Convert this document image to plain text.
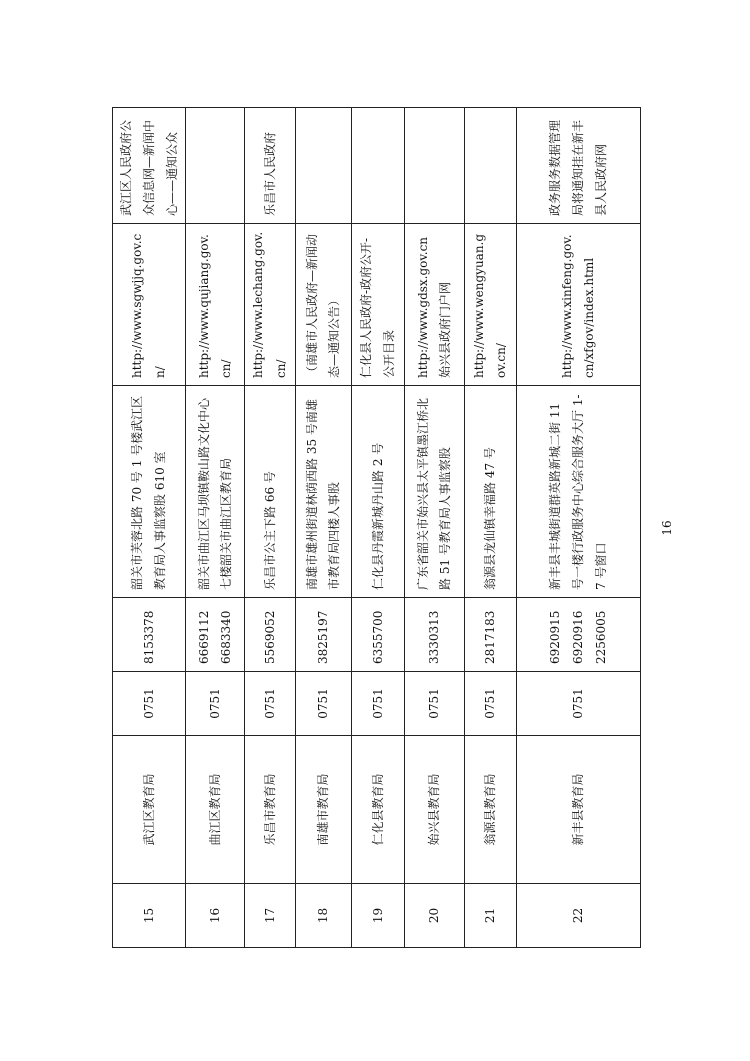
15	武江区教育局	0751	8153378	韶关市芙蓉北路 70 号 1 号楼武江区教育局人事监察股 610 室	http://www.sgwjjq.gov.cn/	武江区人民政府公众信息网—新闻中心——通知公众
16	曲江区教育局	0751	6669112 6683340	韶关市曲江区马坝镇鞍山路文化中心七楼韶关市曲江区教育局	http://www.qujiang.gov.cn/	

17	乐昌市教育局	0751	5569052	乐昌市公主下路 66 号	http://www.lechang.gov.cn/	乐昌市人民政府
18	南雄市教育局	0751	3825197	南雄市雄州街道林荫西路 35 号南雄市教育局四楼人事股	（南雄市人民政府—新闻动态—通知公告）	

19	仁化县教育局	0751	6355700	仁化县丹霞新城丹山路 2 号	仁化县人民政府-政府公开-公开目录	

20	始兴县教育局	0751	3330313	广东省韶关市始兴县太平镇墨江桥北路 51 号教育局人事监察股	http://www.gdsx.gov.cn 始兴县政府门户网	

21	翁源县教育局	0751	2817183	翁源县龙仙镇幸福路 47 号	http://www.wengyuan.gov.cn/	

22	新丰县教育局	0751	6920915 6920916 2256005	新丰县丰城街道群英路新城二街 11 号一楼行政服务中心综合服务大厅 1-7 号窗口	http://www.xinfeng.gov.cn/xfgov/index.html	政务服务数据管理局将通知挂在新丰县人民政府网
16
